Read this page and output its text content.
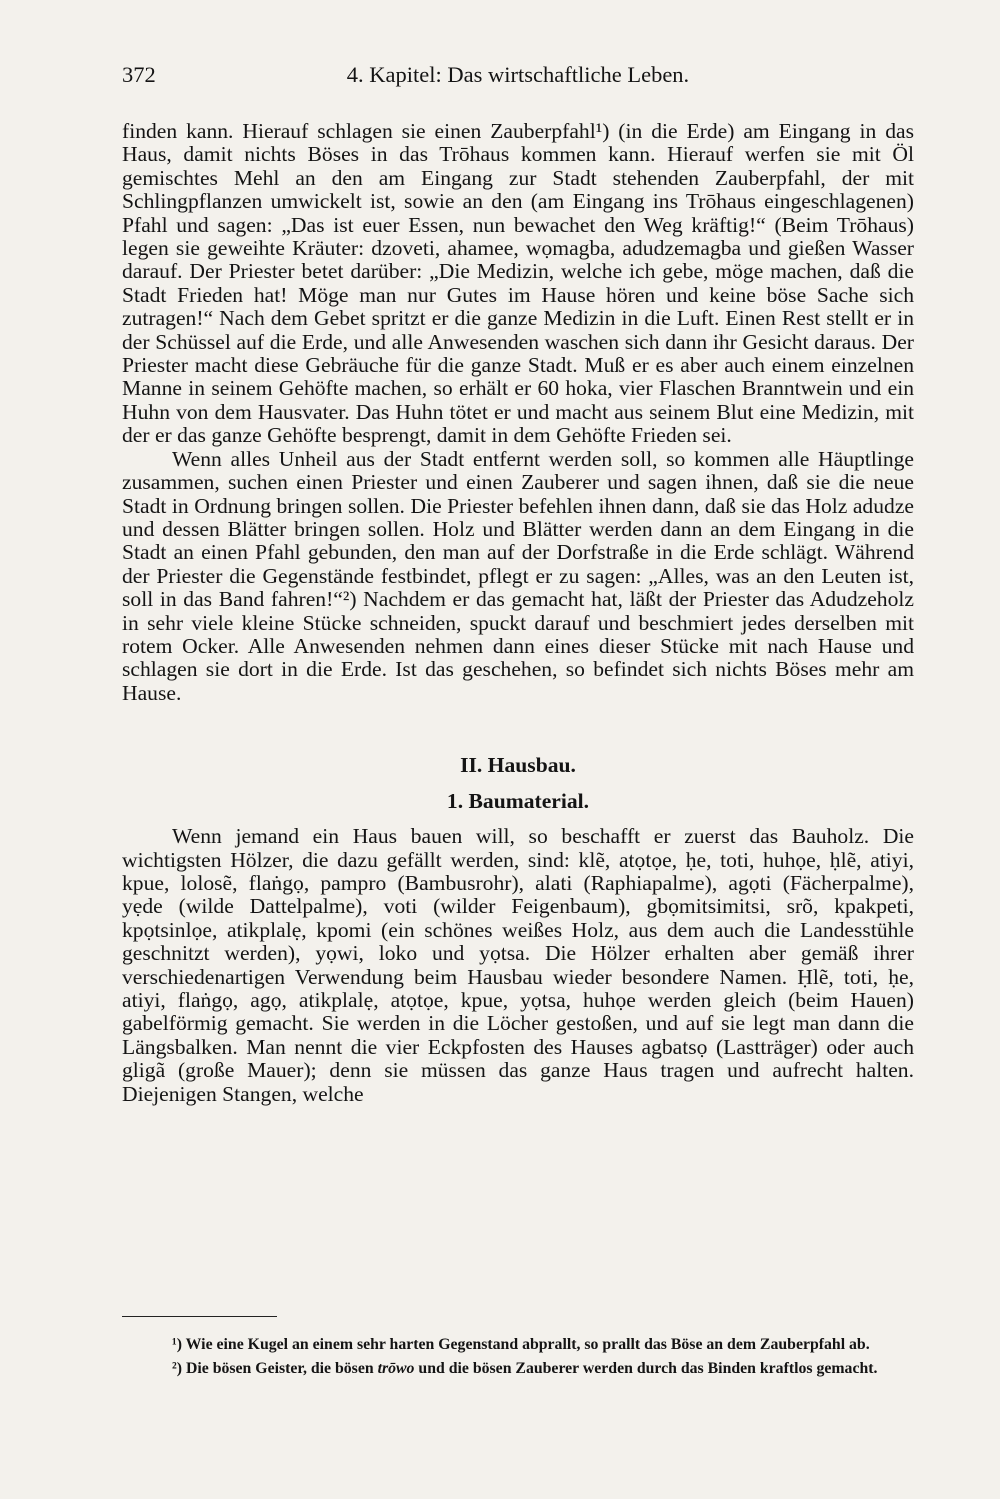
372	4. Kapitel: Das wirtschaftliche Leben.

finden kann. Hierauf schlagen sie einen Zauberpfahl¹) (in die Erde) am Eingang in das Haus, damit nichts Böses in das Trōhaus kommen kann. Hierauf werfen sie mit Öl gemischtes Mehl an den am Eingang zur Stadt stehenden Zauberpfahl, der mit Schlingpflanzen umwickelt ist, sowie an den (am Eingang ins Trōhaus eingeschlagenen) Pfahl und sagen: „Das ist euer Essen, nun bewachet den Weg kräftig!“ (Beim Trōhaus) legen sie geweihte Kräuter: dzoveti, ahamee, wọmagba, adudzemagba und gießen Wasser darauf. Der Priester betet darüber: „Die Medizin, welche ich gebe, möge machen, daß die Stadt Frieden hat! Möge man nur Gutes im Hause hören und keine böse Sache sich zutragen!“ Nach dem Gebet spritzt er die ganze Medizin in die Luft. Einen Rest stellt er in der Schüssel auf die Erde, und alle Anwesenden waschen sich dann ihr Gesicht daraus. Der Priester macht diese Gebräuche für die ganze Stadt. Muß er es aber auch einem einzelnen Manne in seinem Gehöfte machen, so erhält er 60 hoka, vier Flaschen Branntwein und ein Huhn von dem Hausvater. Das Huhn tötet er und macht aus seinem Blut eine Medizin, mit der er das ganze Gehöfte besprengt, damit in dem Gehöfte Frieden sei.

Wenn alles Unheil aus der Stadt entfernt werden soll, so kommen alle Häuptlinge zusammen, suchen einen Priester und einen Zauberer und sagen ihnen, daß sie die neue Stadt in Ordnung bringen sollen. Die Priester befehlen ihnen dann, daß sie das Holz adudze und dessen Blätter bringen sollen. Holz und Blätter werden dann an dem Eingang in die Stadt an einen Pfahl gebunden, den man auf der Dorfstraße in die Erde schlägt. Während der Priester die Gegenstände festbindet, pflegt er zu sagen: „Alles, was an den Leuten ist, soll in das Band fahren!“²) Nachdem er das gemacht hat, läßt der Priester das Adudzeholz in sehr viele kleine Stücke schneiden, spuckt darauf und beschmiert jedes derselben mit rotem Ocker. Alle Anwesenden nehmen dann eines dieser Stücke mit nach Hause und schlagen sie dort in die Erde. Ist das geschehen, so befindet sich nichts Böses mehr am Hause.

II. Hausbau.
1. Baumaterial.

Wenn jemand ein Haus bauen will, so beschafft er zuerst das Bauholz. Die wichtigsten Hölzer, die dazu gefällt werden, sind: klẽ, atọtọe, ḥe, toti, huhọe, ḥlẽ, atiyi, kpue, lolosẽ, flaṅgọ, pampro (Bambusrohr), alati (Raphiapalme), agọti (Fächerpalme), yẹde (wilde Dattelpalme), voti (wilder Feigenbaum), gbọmitsimitsi, srõ, kpakpeti, kpọtsinlọe, atikplalẹ, kpomi (ein schönes weißes Holz, aus dem auch die Landesstühle geschnitzt werden), yọwi, loko und yọtsa. Die Hölzer erhalten aber gemäß ihrer verschiedenartigen Verwendung beim Hausbau wieder besondere Namen. Ḥlẽ, toti, ḥe, atiyi, flaṅgọ, agọ, atikplalẹ, atọtọe, kpue, yọtsa, huhọe werden gleich (beim Hauen) gabelförmig gemacht. Sie werden in die Löcher gestoßen, und auf sie legt man dann die Längsbalken. Man nennt die vier Eckpfosten des Hauses agbatsọ (Lastträger) oder auch gligã (große Mauer); denn sie müssen das ganze Haus tragen und aufrecht halten. Diejenigen Stangen, welche

¹) Wie eine Kugel an einem sehr harten Gegenstand abprallt, so prallt das Böse an dem Zauberpfahl ab.

²) Die bösen Geister, die bösen trōwo und die bösen Zauberer werden durch das Binden kraftlos gemacht.
